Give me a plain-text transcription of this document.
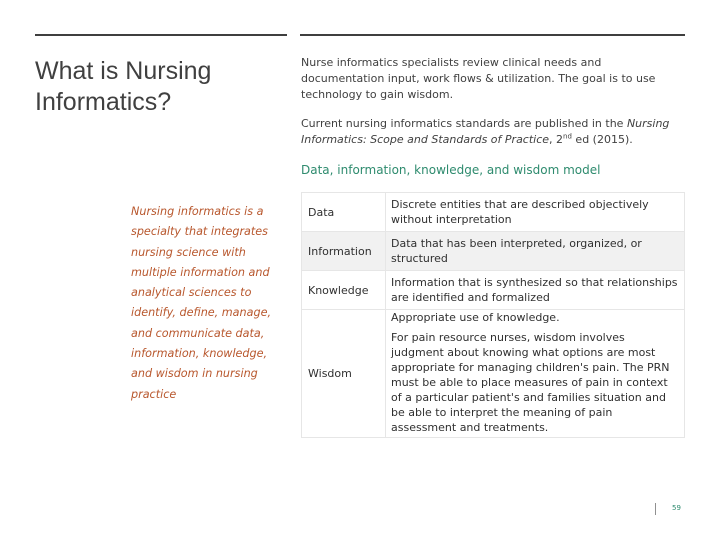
What is Nursing Informatics?
Nurse informatics specialists review clinical needs and documentation input, work flows & utilization. The goal is to use technology to gain wisdom.
Current nursing informatics standards are published in the Nursing Informatics: Scope and Standards of Practice, 2nd ed (2015).
Data, information, knowledge, and wisdom model
Nursing informatics is a specialty that integrates nursing science with multiple information and analytical sciences to identify, define, manage, and communicate data, information, knowledge, and wisdom in nursing practice
Data	Discrete entities that are described objectively without interpretation
Information	Data that has been interpreted, organized, or structured
Knowledge	Information that is synthesized so that relationships are identified and formalized
Wisdom	Appropriate use of knowledge.
For pain resource nurses, wisdom involves judgment about knowing what options are most appropriate for managing children's pain. The PRN must be able to place measures of pain in context of a particular patient's and families situation and be able to interpret the meaning of pain assessment and treatments.
59
